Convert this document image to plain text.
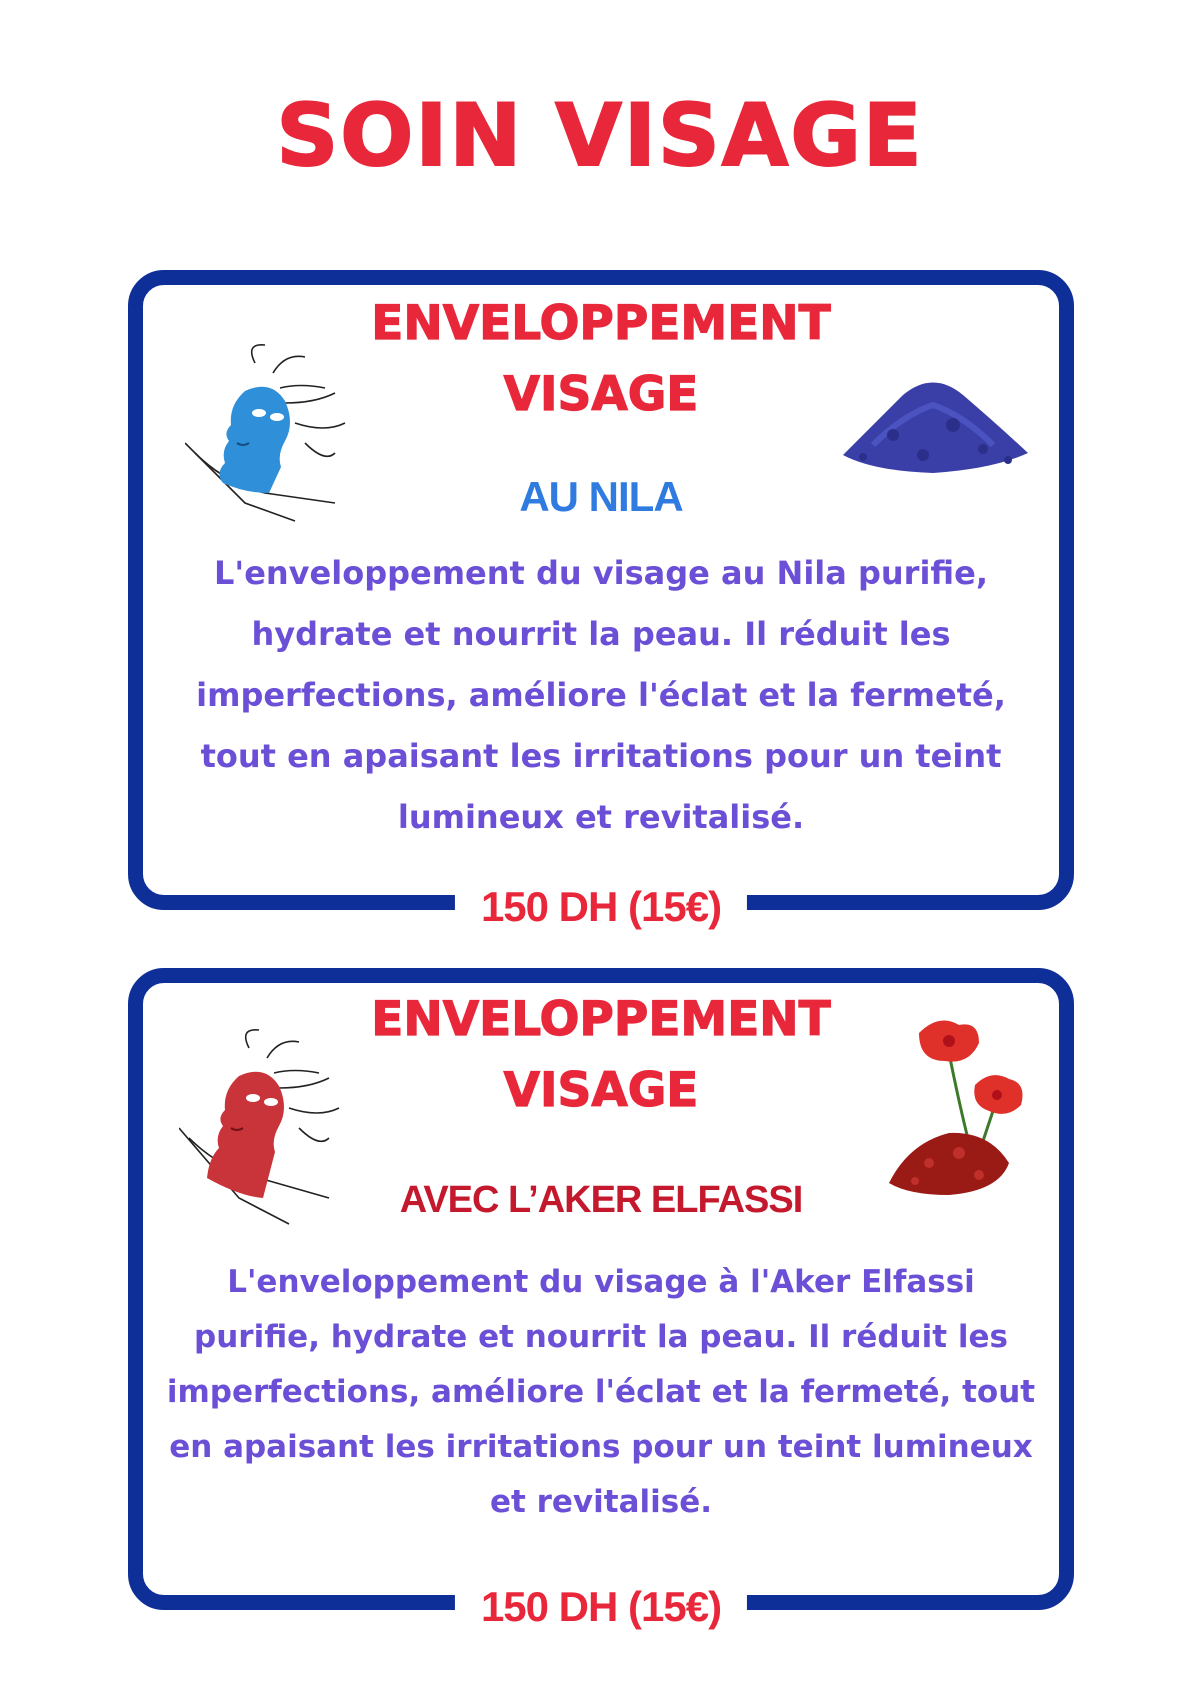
SOIN VISAGE
ENVELOPPEMENT
VISAGE
AU NILA
L'enveloppement du visage au Nila purifie, hydrate et nourrit la peau. Il réduit les imperfections, améliore l'éclat et la fermeté, tout en apaisant les irritations pour un teint lumineux et revitalisé.
150 DH (15€)
ENVELOPPEMENT
VISAGE
AVEC L’AKER ELFASSI
L'enveloppement du visage à l'Aker Elfassi purifie, hydrate et nourrit la peau. Il réduit les imperfections, améliore l'éclat et la fermeté, tout en apaisant les irritations pour un teint lumineux et revitalisé.
150 DH (15€)
